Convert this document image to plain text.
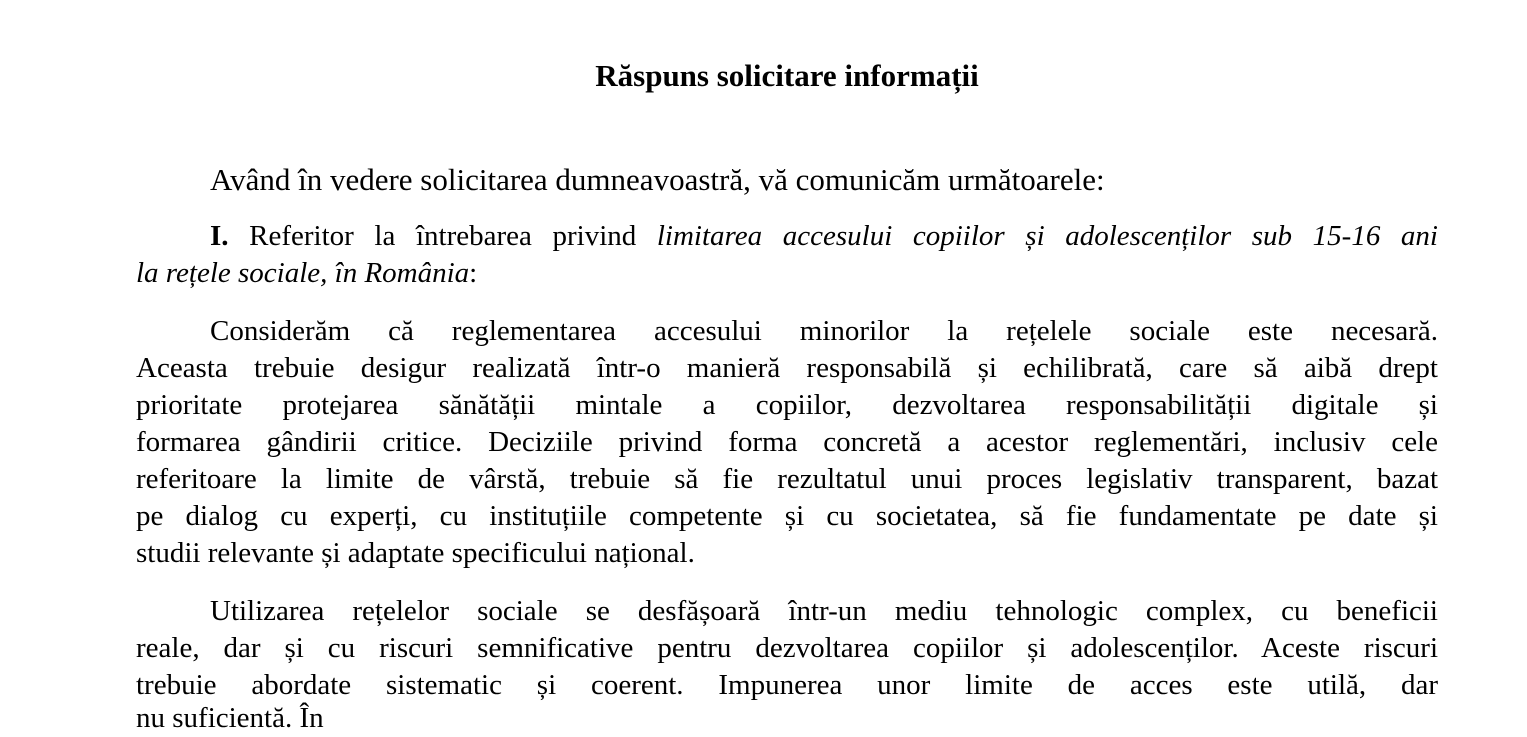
Răspuns solicitare informații
Având în vedere solicitarea dumneavoastră, vă comunicăm următoarele:
I. Referitor la întrebarea privind limitarea accesului copiilor și adolescenților sub 15-16 ani
la rețele sociale, în România:
Considerăm că reglementarea accesului minorilor la rețelele sociale este necesară.
Aceasta trebuie desigur realizată într-o manieră responsabilă și echilibrată, care să aibă drept
prioritate protejarea sănătății mintale a copiilor, dezvoltarea responsabilității digitale și
formarea gândirii critice. Deciziile privind forma concretă a acestor reglementări, inclusiv cele
referitoare la limite de vârstă, trebuie să fie rezultatul unui proces legislativ transparent, bazat
pe dialog cu experți, cu instituțiile competente și cu societatea, să fie fundamentate pe date și
studii relevante și adaptate specificului național.
Utilizarea rețelelor sociale se desfășoară într-un mediu tehnologic complex, cu beneficii
reale, dar și cu riscuri semnificative pentru dezvoltarea copiilor și adolescenților. Aceste riscuri
trebuie abordate sistematic și coerent. Impunerea unor limite de acces este utilă, dar
nu suficientă. În
